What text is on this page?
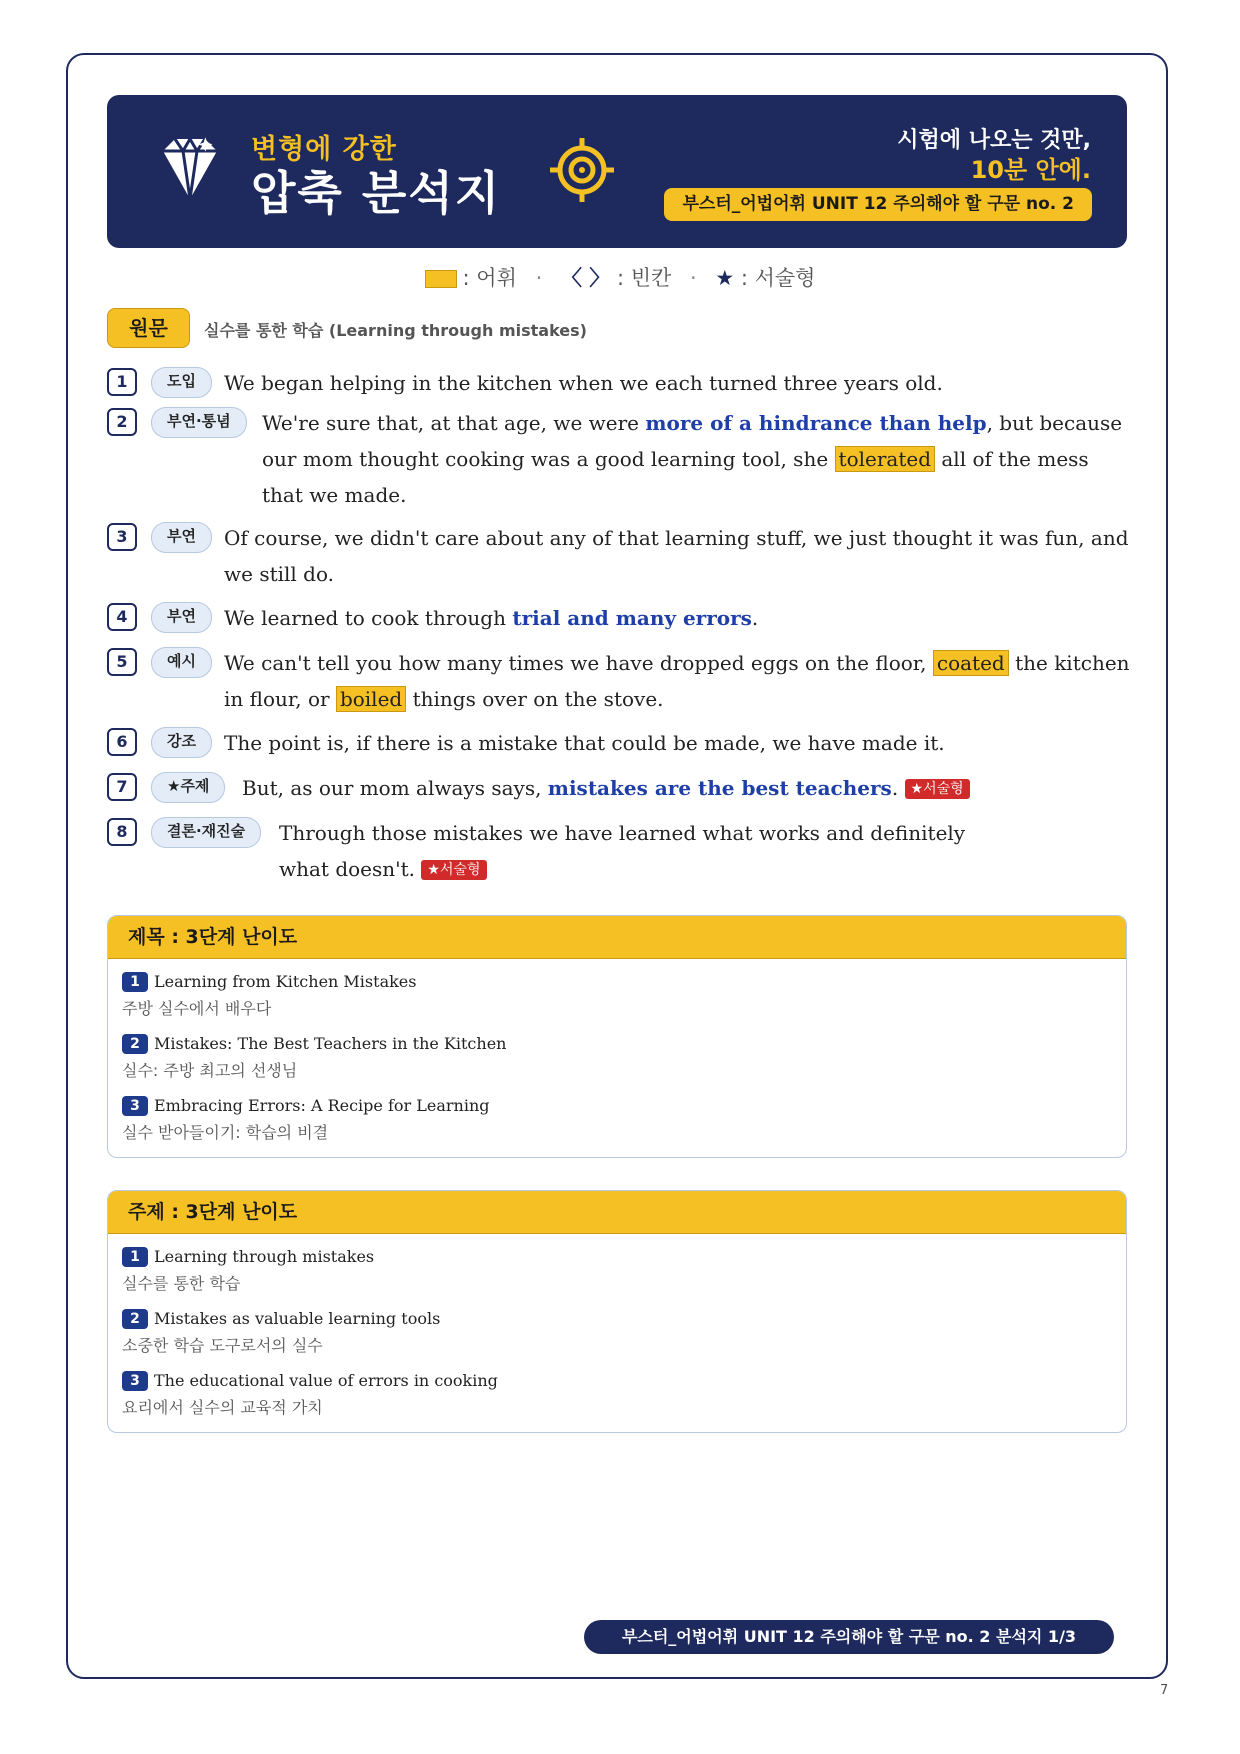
변형에 강한
압축 분석지
시험에 나오는 것만,
10분 안에.
부스터_어법어휘 UNIT 12 주의해야 할 구문 no. 2
: 어휘 · 〈 〉 : 빈칸 · ★ : 서술형
원문	실수를 통한 학습 (Learning through mistakes)
1	도입	We began helping in the kitchen when we each turned three years old.
2	부연·통념	We're sure that, at that age, we were more of a hindrance than help, but because our mom thought cooking was a good learning tool, she tolerated all of the mess that we made.
3	부연	Of course, we didn't care about any of that learning stuff, we just thought it was fun, and we still do.
4	부연	We learned to cook through trial and many errors.
5	예시	We can't tell you how many times we have dropped eggs on the floor, coated the kitchen in flour, or boiled things over on the stove.
6	강조	The point is, if there is a mistake that could be made, we have made it.
7	★주제	But, as our mom always says, mistakes are the best teachers. ★서술형
8	결론·재진술	Through those mistakes we have learned what works and definitely what doesn't. ★서술형
제목 : 3단계 난이도
1 Learning from Kitchen Mistakes
주방 실수에서 배우다
2 Mistakes: The Best Teachers in the Kitchen
실수: 주방 최고의 선생님
3 Embracing Errors: A Recipe for Learning
실수 받아들이기: 학습의 비결
주제 : 3단계 난이도
1 Learning through mistakes
실수를 통한 학습
2 Mistakes as valuable learning tools
소중한 학습 도구로서의 실수
3 The educational value of errors in cooking
요리에서 실수의 교육적 가치
부스터_어법어휘 UNIT 12 주의해야 할 구문 no. 2 분석지 1/3
7
